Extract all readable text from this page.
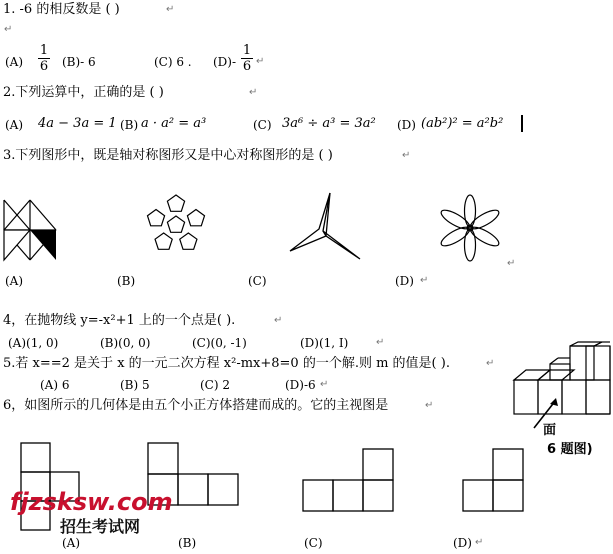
1. -6 的相反数是 ( )	↵
↵
$(A) \frac{1}{6} (B)-$ 6	(C) 6 . $(D)- \frac{1}{6}$ ↵
2.下列运算中，正确的是 ( )	↵
(A) 4a − 3a = 1 (B) a · a² = a³	(C) 3a⁶ ÷ a³ = 3a² (D) (ab²)² = a²b²
3.下列图形中，既是轴对称图形又是中心对称图形的是 ( )	↵
(A)	(B)	(C)	(D) ↵
↵
4，在抛物线 y=-x²+1 上的一个点是( ).	↵
(A)(1, 0)	(B)(0, 0)	(C)(0, -1)	(D)(1, I)	↵
5.若 x==2 是关于 x 的一元二次方程 x²-mx+8=0 的一个解.则 m 的值是( ).	↵
(A) 6	(B) 5	(C) 2	(D)-6 ↵
6，如图所示的几何体是由五个小正方体搭建而成的。它的主视图是	↵
面
6 题图)
(A)	(B)	(C)	(D) ↵
fjzsksw.com
招生考试网
